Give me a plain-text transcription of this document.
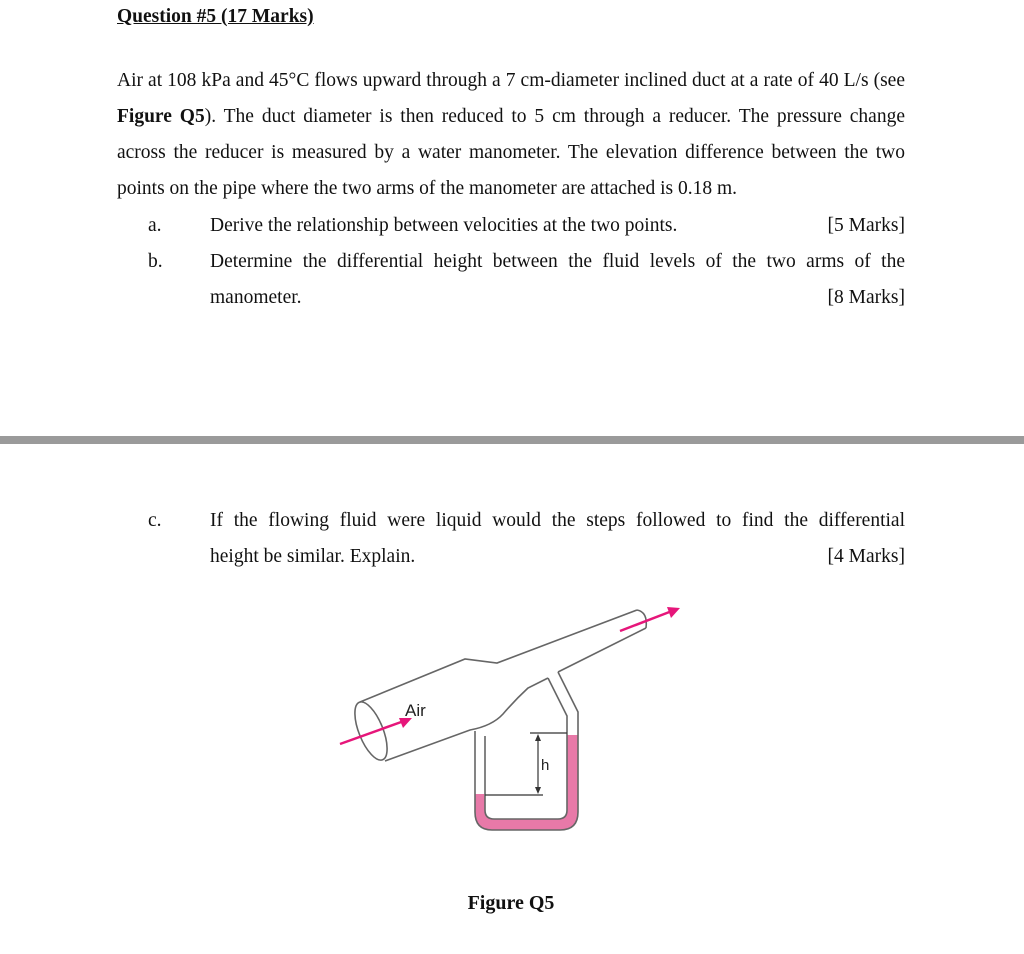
Question #5 (17 Marks)

Air at 108 kPa and 45°C flows upward through a 7 cm-diameter inclined duct at a rate of 40 L/s (see Figure Q5). The duct diameter is then reduced to 5 cm through a reducer. The pressure change across the reducer is measured by a water manometer. The elevation difference between the two points on the pipe where the two arms of the manometer are attached is 0.18 m.

a. Derive the relationship between velocities at the two points.	[5 Marks]
b. Determine the differential height between the fluid levels of the two arms of the
manometer.	[8 Marks]
c. If the flowing fluid were liquid would the steps followed to find the differential
height be similar. Explain.	[4 Marks]
Air
h
Figure Q5
